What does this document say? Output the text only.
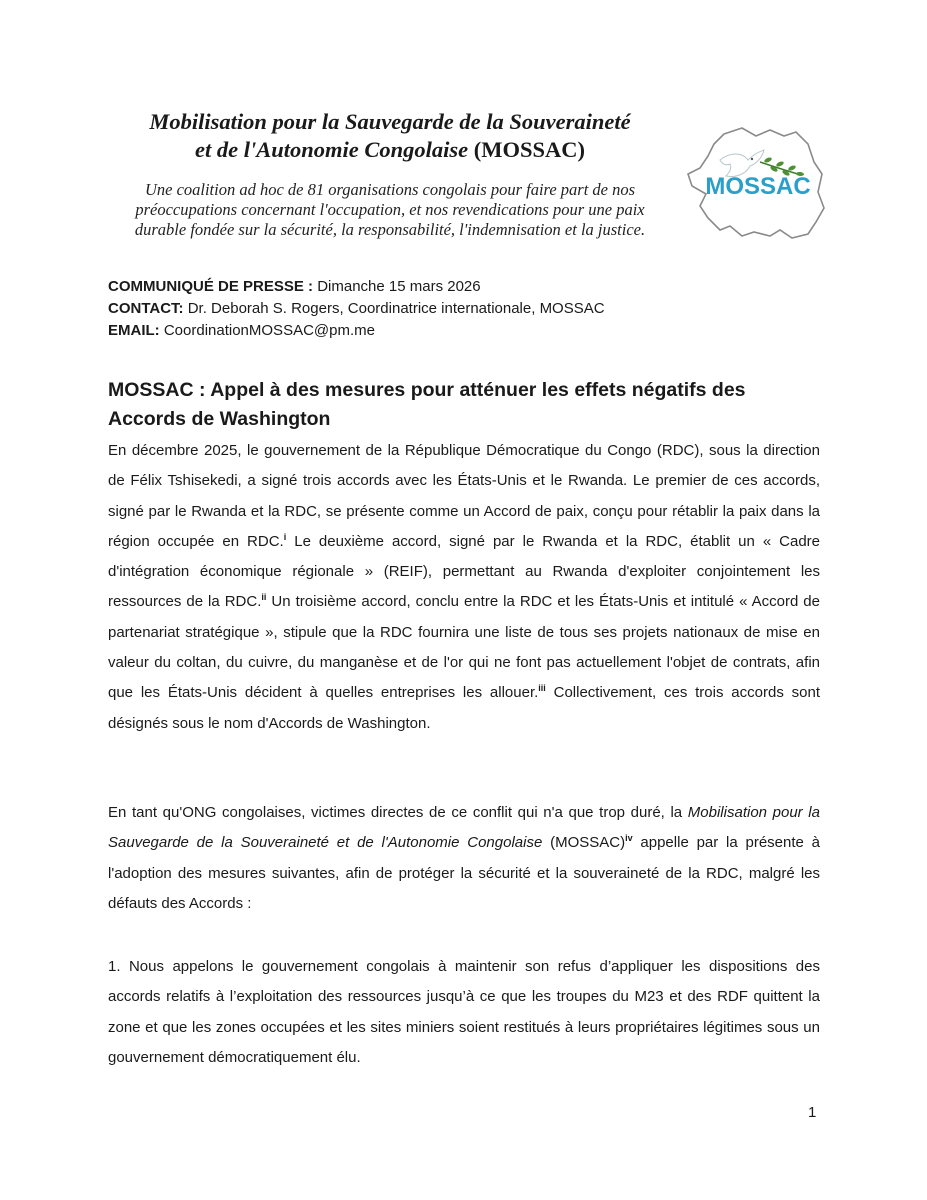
Mobilisation pour la Sauvegarde de la Souveraineté
et de l'Autonomie Congolaise (MOSSAC)
Une coalition ad hoc de 81 organisations congolais pour faire part de nos préoccupations concernant l'occupation, et nos revendications pour une paix durable fondée sur la sécurité, la responsabilité, l'indemnisation et la justice.
MOSSAC
COMMUNIQUÉ DE PRESSE : Dimanche 15 mars 2026
CONTACT: Dr. Deborah S. Rogers, Coordinatrice internationale, MOSSAC
EMAIL: CoordinationMOSSAC@pm.me
MOSSAC : Appel à des mesures pour atténuer les effets négatifs des Accords de Washington
En décembre 2025, le gouvernement de la République Démocratique du Congo (RDC), sous la direction de Félix Tshisekedi, a signé trois accords avec les États-Unis et le Rwanda. Le premier de ces accords, signé par le Rwanda et la RDC, se présente comme un Accord de paix, conçu pour rétablir la paix dans la région occupée en RDC.$^i$ Le deuxième accord, signé par le Rwanda et la RDC, établit un « Cadre d'intégration économique régionale » (REIF), permettant au Rwanda d'exploiter conjointement les ressources de la RDC.$^{ii}$ Un troisième accord, conclu entre la RDC et les États-Unis et intitulé « Accord de partenariat stratégique », stipule que la RDC fournira une liste de tous ses projets nationaux de mise en valeur du coltan, du cuivre, du manganèse et de l'or qui ne font pas actuellement l'objet de contrats, afin que les États-Unis décident à quelles entreprises les allouer.$^{iii}$ Collectivement, ces trois accords sont désignés sous le nom d'Accords de Washington.
En tant qu'ONG congolaises, victimes directes de ce conflit qui n'a que trop duré, la Mobilisation pour la Sauvegarde de la Souveraineté et de l'Autonomie Congolaise (MOSSAC)$^{iv}$ appelle par la présente à l'adoption des mesures suivantes, afin de protéger la sécurité et la souveraineté de la RDC, malgré les défauts des Accords :
1. Nous appelons le gouvernement congolais à maintenir son refus d’appliquer les dispositions des accords relatifs à l’exploitation des ressources jusqu’à ce que les troupes du M23 et des RDF quittent la zone et que les zones occupées et les sites miniers soient restitués à leurs propriétaires légitimes sous un gouvernement démocratiquement élu.
1
